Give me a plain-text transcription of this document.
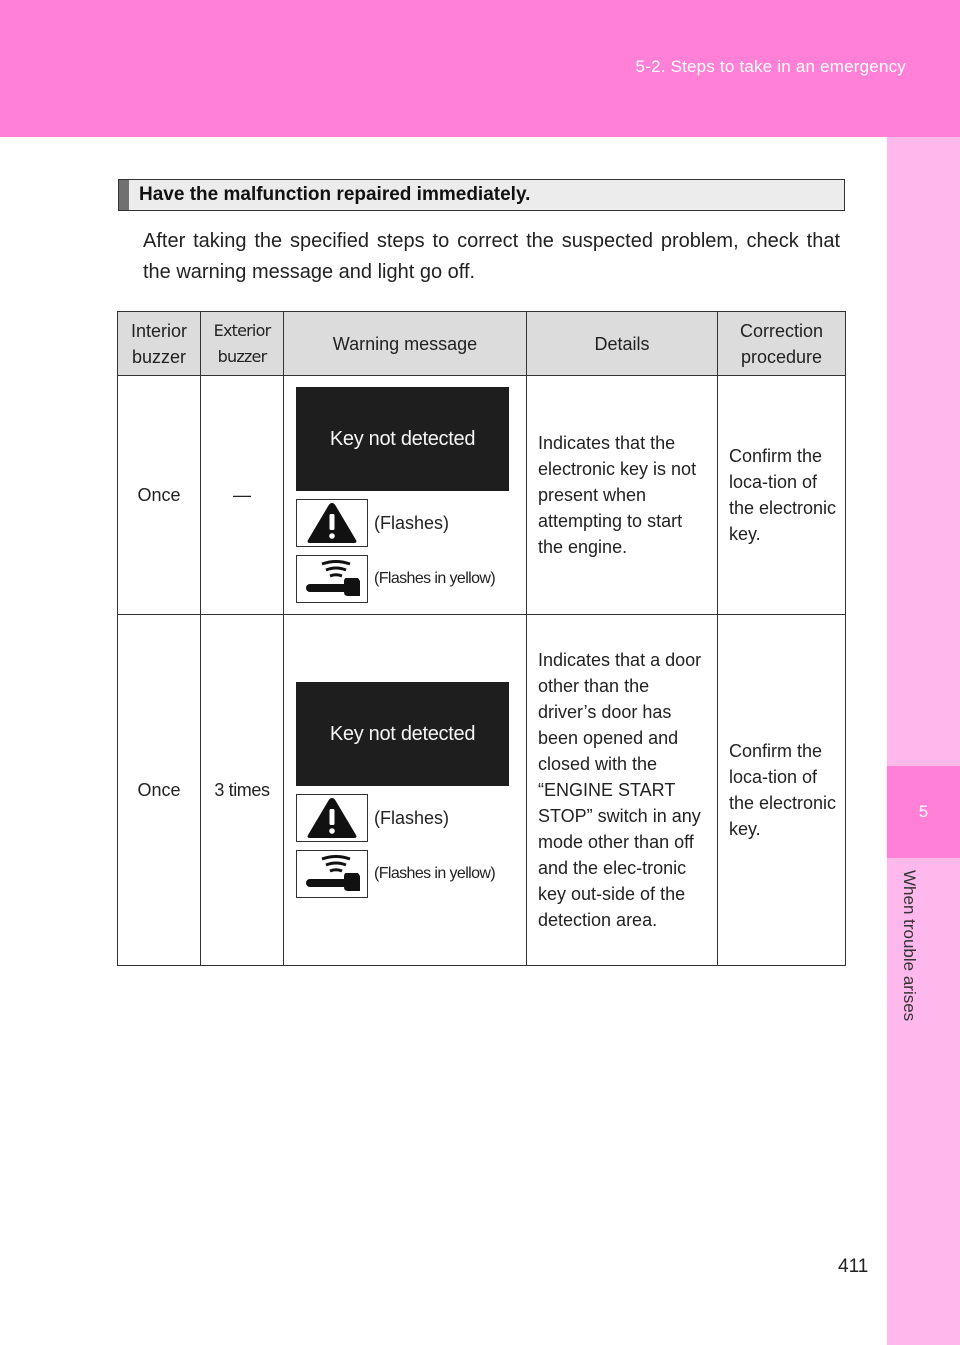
5-2. Steps to take in an emergency
5
When trouble arises
Have the malfunction repaired immediately.

After taking the specified steps to correct the suspected problem, check that the warning message and light go off.

Interior buzzer	Exterior buzzer	Warning message	Details	Correction procedure
Once	—	Key not detected
(Flashes)
(Flashes in yellow)	Indicates that the electronic key is not present when attempting to start the engine.	Confirm the loca-tion of the electronic key.
Once	3 times	Key not detected
(Flashes)
(Flashes in yellow)	Indicates that a door other than the driver’s door has been opened and closed with the “ENGINE START STOP” switch in any mode other than off and the elec-tronic key out-side of the detection area.	Confirm the loca-tion of the electronic key.
411
